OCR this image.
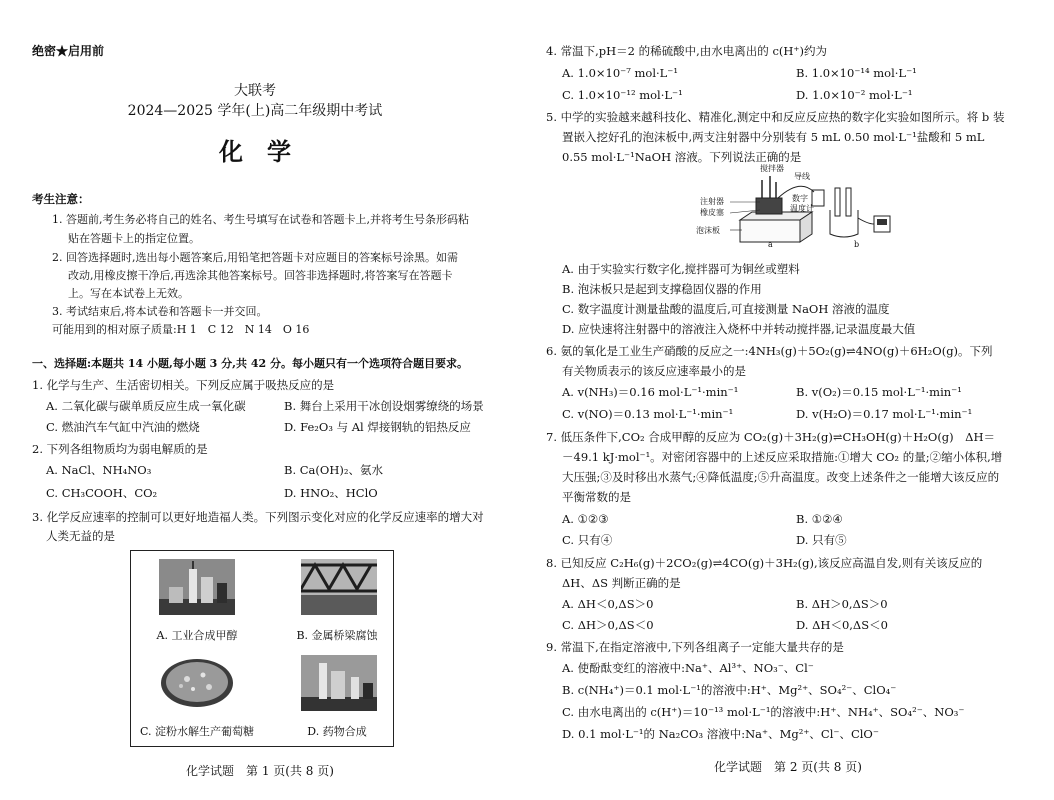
绝密★启用前
大联考
2024—2025 学年(上)高二年级期中考试
化　学
考生注意：
1. 答题前,考生务必将自己的姓名、考生号填写在试卷和答题卡上,并将考生号条形码粘
贴在答题卡上的指定位置。
2. 回答选择题时,选出每小题答案后,用铅笔把答题卡对应题目的答案标号涂黑。如需
改动,用橡皮擦干净后,再选涂其他答案标号。回答非选择题时,将答案写在答题卡
上。写在本试卷上无效。
3. 考试结束后,将本试卷和答题卡一并交回。
可能用到的相对原子质量:H 1　C 12　N 14　O 16
一、选择题:本题共 14 小题,每小题 3 分,共 42 分。每小题只有一个选项符合题目要求。
1. 化学与生产、生活密切相关。下列反应属于吸热反应的是
A. 二氧化碳与碳单质反应生成一氧化碳	B. 舞台上采用干冰创设烟雾缭绕的场景
C. 燃油汽车气缸中汽油的燃烧	D. Fe₂O₃ 与 Al 焊接钢轨的铝热反应
2. 下列各组物质均为弱电解质的是
A. NaCl、NH₄NO₃	B. Ca(OH)₂、氨水
C. CH₃COOH、CO₂	D. HNO₂、HClO
3. 化学反应速率的控制可以更好地造福人类。下列图示变化对应的化学反应速率的增大对
人类无益的是
A. 工业合成甲醇	B. 金属桥梁腐蚀
C. 淀粉水解生产葡萄糖	D. 药物合成
化学试题　第 1 页(共 8 页)
4. 常温下,pH＝2 的稀硫酸中,由水电离出的 c(H⁺)约为
A. 1.0×10⁻⁷ mol·L⁻¹	B. 1.0×10⁻¹⁴ mol·L⁻¹
C. 1.0×10⁻¹² mol·L⁻¹	D. 1.0×10⁻² mol·L⁻¹
5. 中学的实验越来越科技化、精准化,测定中和反应反应热的数字化实验如图所示。将 b 装
置嵌入挖好孔的泡沫板中,两支注射器中分别装有 5 mL 0.50 mol·L⁻¹盐酸和 5 mL
0.55 mol·L⁻¹NaOH 溶液。下列说法正确的是
搅拌器
导线
注射器
橡皮塞
数字
温度计
泡沫板
a	b
A. 由于实验实行数字化,搅拌器可为铜丝或塑料
B. 泡沫板只是起到支撑稳固仪器的作用
C. 数字温度计测量盐酸的温度后,可直接测量 NaOH 溶液的温度
D. 应快速将注射器中的溶液注入烧杯中并转动搅拌器,记录温度最大值
6. 氨的氧化是工业生产硝酸的反应之一:4NH₃(g)＋5O₂(g)⇌4NO(g)＋6H₂O(g)。下列
有关物质表示的该反应速率最小的是
A. v(NH₃)＝0.16 mol·L⁻¹·min⁻¹	B. v(O₂)＝0.15 mol·L⁻¹·min⁻¹
C. v(NO)＝0.13 mol·L⁻¹·min⁻¹	D. v(H₂O)＝0.17 mol·L⁻¹·min⁻¹
7. 低压条件下,CO₂ 合成甲醇的反应为 CO₂(g)＋3H₂(g)⇌CH₃OH(g)＋H₂O(g)　ΔH＝
－49.1 kJ·mol⁻¹。对密闭容器中的上述反应采取措施:①增大 CO₂ 的量;②缩小体积,增
大压强;③及时移出水蒸气;④降低温度;⑤升高温度。改变上述条件之一能增大该反应的
平衡常数的是
A. ①②③	B. ①②④
C. 只有④	D. 只有⑤
8. 已知反应 C₂H₆(g)＋2CO₂(g)⇌4CO(g)＋3H₂(g),该反应高温自发,则有关该反应的
ΔH、ΔS 判断正确的是
A. ΔH＜0,ΔS＞0	B. ΔH＞0,ΔS＞0
C. ΔH＞0,ΔS＜0	D. ΔH＜0,ΔS＜0
9. 常温下,在指定溶液中,下列各组离子一定能大量共存的是
A. 使酚酞变红的溶液中:Na⁺、Al³⁺、NO₃⁻、Cl⁻
B. c(NH₄⁺)＝0.1 mol·L⁻¹的溶液中:H⁺、Mg²⁺、SO₄²⁻、ClO₄⁻
C. 由水电离出的 c(H⁺)＝10⁻¹³ mol·L⁻¹的溶液中:H⁺、NH₄⁺、SO₄²⁻、NO₃⁻
D. 0.1 mol·L⁻¹的 Na₂CO₃ 溶液中:Na⁺、Mg²⁺、Cl⁻、ClO⁻
化学试题　第 2 页(共 8 页)
